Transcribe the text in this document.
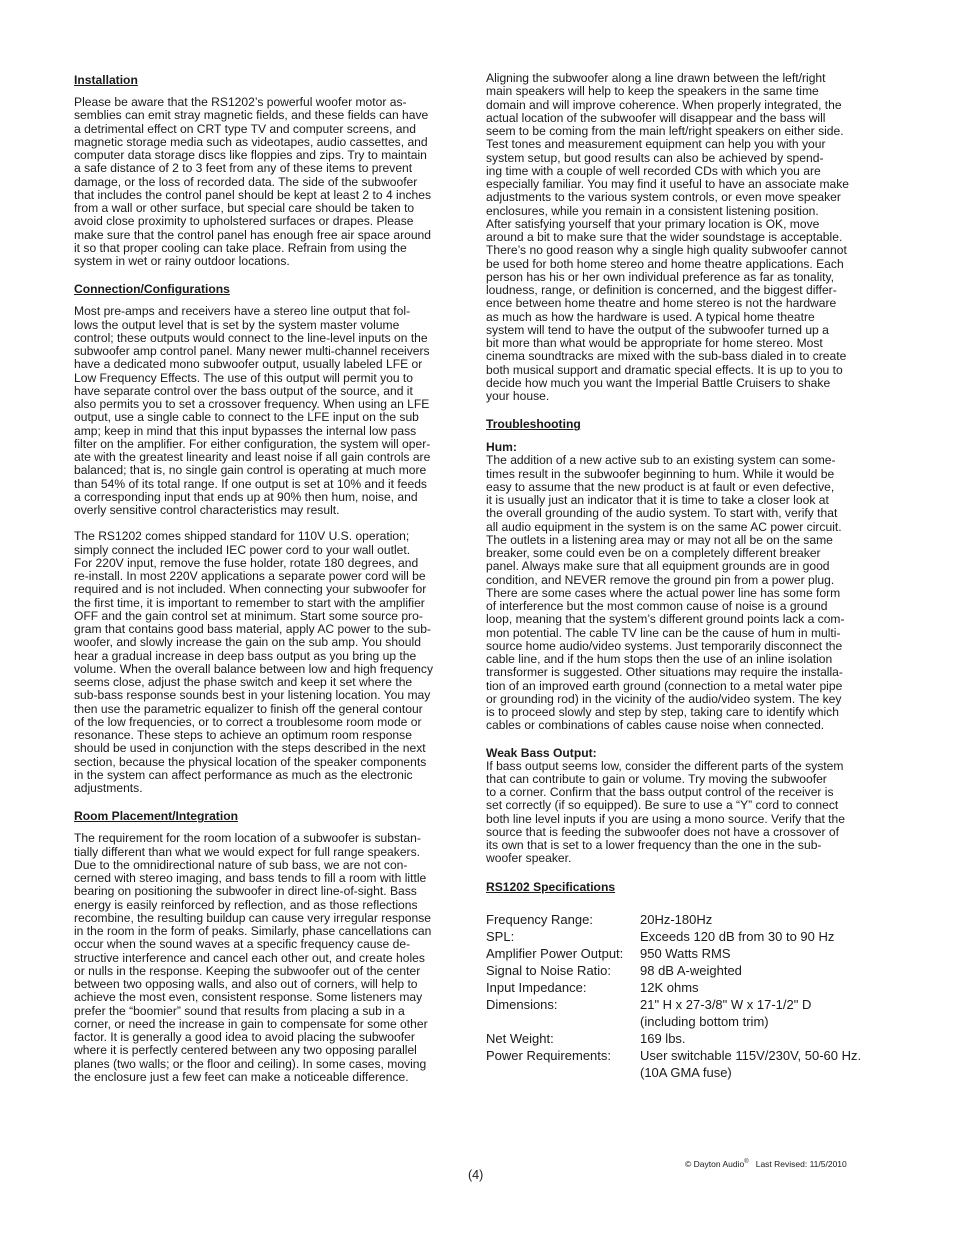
Installation

Please be aware that the RS1202’s powerful woofer motor as-
semblies can emit stray magnetic fields, and these fields can have
a detrimental effect on CRT type TV and computer screens, and
magnetic storage media such as videotapes, audio cassettes, and
computer data storage discs like floppies and zips. Try to maintain
a safe distance of 2 to 3 feet from any of these items to prevent
damage, or the loss of recorded data. The side of the subwoofer
that includes the control panel should be kept at least 2 to 4 inches
from a wall or other surface, but special care should be taken to
avoid close proximity to upholstered surfaces or drapes. Please
make sure that the control panel has enough free air space around
it so that proper cooling can take place. Refrain from using the
system in wet or rainy outdoor locations.

Connection/Configurations

Most pre-amps and receivers have a stereo line output that fol-
lows the output level that is set by the system master volume
control; these outputs would connect to the line-level inputs on the
subwoofer amp control panel. Many newer multi-channel receivers
have a dedicated mono subwoofer output, usually labeled LFE or
Low Frequency Effects. The use of this output will permit you to
have separate control over the bass output of the source, and it
also permits you to set a crossover frequency. When using an LFE
output, use a single cable to connect to the LFE input on the sub
amp; keep in mind that this input bypasses the internal low pass
filter on the amplifier. For either configuration, the system will oper-
ate with the greatest linearity and least noise if all gain controls are
balanced; that is, no single gain control is operating at much more
than 54% of its total range. If one output is set at 10% and it feeds
a corresponding input that ends up at 90% then hum, noise, and
overly sensitive control characteristics may result.

The RS1202 comes shipped standard for 110V U.S. operation;
simply connect the included IEC power cord to your wall outlet.
For 220V input, remove the fuse holder, rotate 180 degrees, and
re-install. In most 220V applications a separate power cord will be
required and is not included. When connecting your subwoofer for
the first time, it is important to remember to start with the amplifier
OFF and the gain control set at minimum. Start some source pro-
gram that contains good bass material, apply AC power to the sub-
woofer, and slowly increase the gain on the sub amp. You should
hear a gradual increase in deep bass output as you bring up the
volume. When the overall balance between low and high frequency
seems close, adjust the phase switch and keep it set where the
sub-bass response sounds best in your listening location. You may
then use the parametric equalizer to finish off the general contour
of the low frequencies, or to correct a troublesome room mode or
resonance. These steps to achieve an optimum room response
should be used in conjunction with the steps described in the next
section, because the physical location of the speaker components
in the system can affect performance as much as the electronic
adjustments.

Room Placement/Integration

The requirement for the room location of a subwoofer is substan-
tially different than what we would expect for full range speakers.
Due to the omnidirectional nature of sub bass, we are not con-
cerned with stereo imaging, and bass tends to fill a room with little
bearing on positioning the subwoofer in direct line-of-sight. Bass
energy is easily reinforced by reflection, and as those reflections
recombine, the resulting buildup can cause very irregular response
in the room in the form of peaks. Similarly, phase cancellations can
occur when the sound waves at a specific frequency cause de-
structive interference and cancel each other out, and create holes
or nulls in the response. Keeping the subwoofer out of the center
between two opposing walls, and also out of corners, will help to
achieve the most even, consistent response. Some listeners may
prefer the “boomier” sound that results from placing a sub in a
corner, or need the increase in gain to compensate for some other
factor. It is generally a good idea to avoid placing the subwoofer
where it is perfectly centered between any two opposing parallel
planes (two walls; or the floor and ceiling). In some cases, moving
the enclosure just a few feet can make a noticeable difference.

Aligning the subwoofer along a line drawn between the left/right
main speakers will help to keep the speakers in the same time
domain and will improve coherence. When properly integrated, the
actual location of the subwoofer will disappear and the bass will
seem to be coming from the main left/right speakers on either side.
Test tones and measurement equipment can help you with your
system setup, but good results can also be achieved by spend-
ing time with a couple of well recorded CDs with which you are
especially familiar. You may find it useful to have an associate make
adjustments to the various system controls, or even move speaker
enclosures, while you remain in a consistent listening position.
After satisfying yourself that your primary location is OK, move
around a bit to make sure that the wider soundstage is acceptable.
There’s no good reason why a single high quality subwoofer cannot
be used for both home stereo and home theatre applications. Each
person has his or her own individual preference as far as tonality,
loudness, range, or definition is concerned, and the biggest differ-
ence between home theatre and home stereo is not the hardware
as much as how the hardware is used. A typical home theatre
system will tend to have the output of the subwoofer turned up a
bit more than what would be appropriate for home stereo. Most
cinema soundtracks are mixed with the sub-bass dialed in to create
both musical support and dramatic special effects. It is up to you to
decide how much you want the Imperial Battle Cruisers to shake
your house.

Troubleshooting
Hum:

The addition of a new active sub to an existing system can some-
times result in the subwoofer beginning to hum. While it would be
easy to assume that the new product is at fault or even defective,
it is usually just an indicator that it is time to take a closer look at
the overall grounding of the audio system. To start with, verify that
all audio equipment in the system is on the same AC power circuit.
The outlets in a listening area may or may not all be on the same
breaker, some could even be on a completely different breaker
panel. Always make sure that all equipment grounds are in good
condition, and NEVER remove the ground pin from a power plug.
There are some cases where the actual power line has some form
of interference but the most common cause of noise is a ground
loop, meaning that the system’s different ground points lack a com-
mon potential. The cable TV line can be the cause of hum in multi-
source home audio/video systems. Just temporarily disconnect the
cable line, and if the hum stops then the use of an inline isolation
transformer is suggested. Other situations may require the installa-
tion of an improved earth ground (connection to a metal water pipe
or grounding rod) in the vicinity of the audio/video system. The key
is to proceed slowly and step by step, taking care to identify which
cables or combinations of cables cause noise when connected.

Weak Bass Output:

If bass output seems low, consider the different parts of the system
that can contribute to gain or volume. Try moving the subwoofer
to a corner. Confirm that the bass output control of the receiver is
set correctly (if so equipped). Be sure to use a “Y” cord to connect
both line level inputs if you are using a mono source. Verify that the
source that is feeding the subwoofer does not have a crossover of
its own that is set to a lower frequency than the one in the sub-
woofer speaker.

RS1202 Specifications
Frequency Range:	20Hz-180Hz
SPL:	Exceeds 120 dB from 30 to 90 Hz
Amplifier Power Output:	950 Watts RMS
Signal to Noise Ratio:	98 dB A-weighted
Input Impedance:	12K ohms
Dimensions:	21" H x 27-3/8" W x 17-1/2" D
(including bottom trim)
Net Weight:	169 lbs.
Power Requirements:	User switchable 115V/230V, 50-60 Hz.
(10A GMA fuse)
© Dayton Audio® Last Revised: 11/5/2010
(4)
